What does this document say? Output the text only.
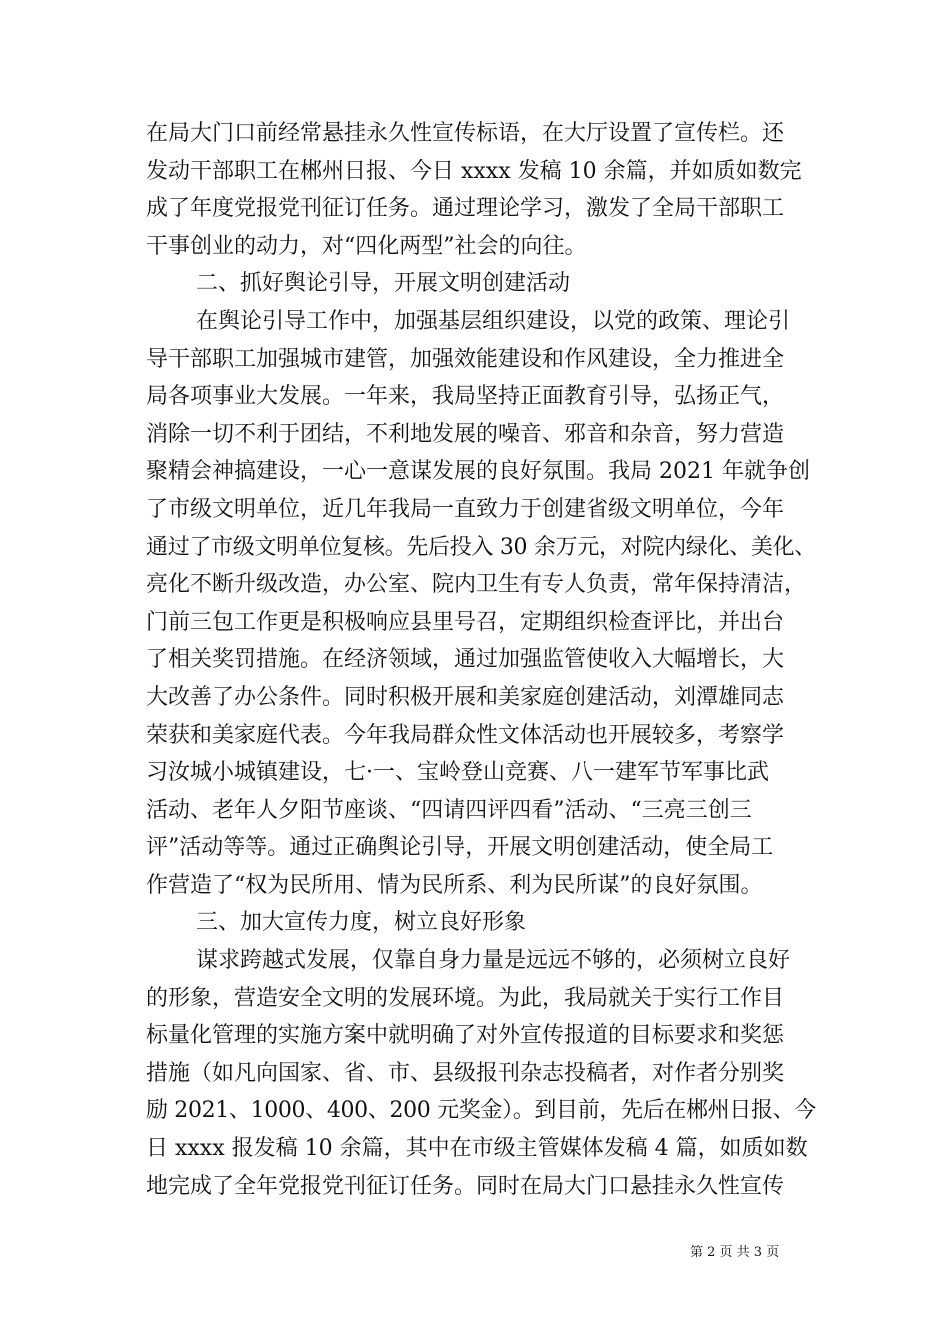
在局大门口前经常悬挂永久性宣传标语，在大厅设置了宣传栏。还
发动干部职工在郴州日报、今日 xxxx 发稿 10 余篇，并如质如数完
成了年度党报党刊征订任务。通过理论学习，激发了全局干部职工
干事创业的动力，对“四化两型”社会的向往。
二、抓好舆论引导，开展文明创建活动
在舆论引导工作中，加强基层组织建设，以党的政策、理论引
导干部职工加强城市建管，加强效能建设和作风建设，全力推进全
局各项事业大发展。一年来，我局坚持正面教育引导，弘扬正气，
消除一切不利于团结，不利地发展的噪音、邪音和杂音，努力营造
聚精会神搞建设，一心一意谋发展的良好氛围。我局 2021 年就争创
了市级文明单位，近几年我局一直致力于创建省级文明单位，今年
通过了市级文明单位复核。先后投入 30 余万元，对院内绿化、美化、
亮化不断升级改造，办公室、院内卫生有专人负责，常年保持清洁，
门前三包工作更是积极响应县里号召，定期组织检查评比，并出台
了相关奖罚措施。在经济领域，通过加强监管使收入大幅增长，大
大改善了办公条件。同时积极开展和美家庭创建活动，刘潭雄同志
荣获和美家庭代表。今年我局群众性文体活动也开展较多，考察学
习汝城小城镇建设，七·一、宝岭登山竞赛、八一建军节军事比武
活动、老年人夕阳节座谈、“四请四评四看”活动、“三亮三创三
评”活动等等。通过正确舆论引导，开展文明创建活动，使全局工
作营造了“权为民所用、情为民所系、利为民所谋”的良好氛围。
三、加大宣传力度，树立良好形象
谋求跨越式发展，仅靠自身力量是远远不够的，必须树立良好
的形象，营造安全文明的发展环境。为此，我局就关于实行工作目
标量化管理的实施方案中就明确了对外宣传报道的目标要求和奖惩
措施（如凡向国家、省、市、县级报刊杂志投稿者，对作者分别奖
励 2021、1000、400、200 元奖金）。到目前，先后在郴州日报、今
日 xxxx 报发稿 10 余篇，其中在市级主管媒体发稿 4 篇，如质如数
地完成了全年党报党刊征订任务。同时在局大门口悬挂永久性宣传
第 2 页 共 3 页
